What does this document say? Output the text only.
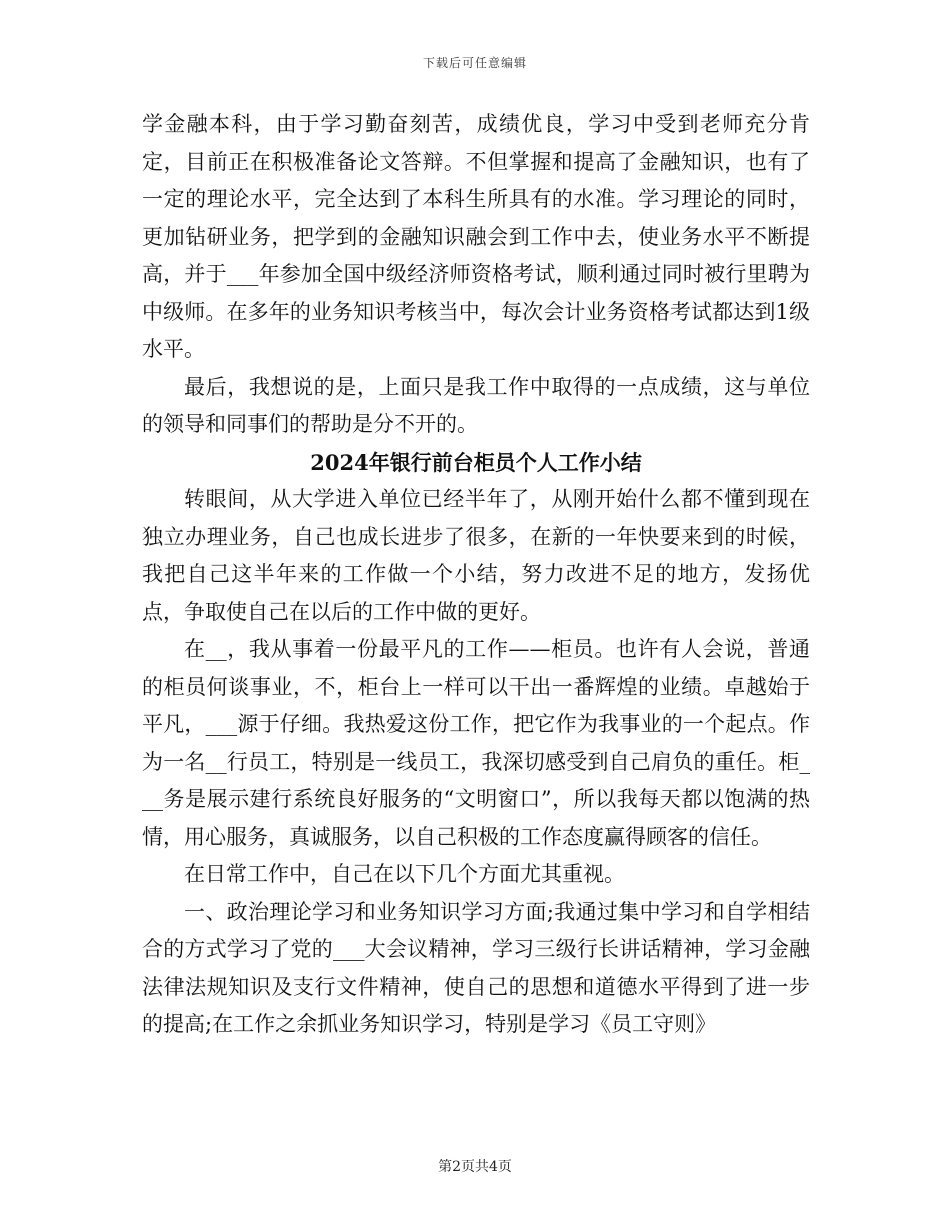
下载后可任意编辑

学金融本科，由于学习勤奋刻苦，成绩优良，学习中受到老师充分肯定，目前正在积极准备论文答辩。不但掌握和提高了金融知识，也有了一定的理论水平，完全达到了本科生所具有的水准。学习理论的同时，更加钻研业务，把学到的金融知识融会到工作中去，使业务水平不断提高，并于___年参加全国中级经济师资格考试，顺利通过同时被行里聘为中级师。在多年的业务知识考核当中，每次会计业务资格考试都达到1级水平。

最后，我想说的是，上面只是我工作中取得的一点成绩，这与单位的领导和同事们的帮助是分不开的。

2024年银行前台柜员个人工作小结

转眼间，从大学进入单位已经半年了，从刚开始什么都不懂到现在独立办理业务，自己也成长进步了很多，在新的一年快要来到的时候，我把自己这半年来的工作做一个小结，努力改进不足的地方，发扬优点，争取使自己在以后的工作中做的更好。

在__，我从事着一份最平凡的工作——柜员。也许有人会说，普通的柜员何谈事业，不，柜台上一样可以干出一番辉煌的业绩。卓越始于平凡，___源于仔细。我热爱这份工作，把它作为我事业的一个起点。作为一名__行员工，特别是一线员工，我深切感受到自己肩负的重任。柜___务是展示建行系统良好服务的“文明窗口”，所以我每天都以饱满的热情，用心服务，真诚服务，以自己积极的工作态度赢得顾客的信任。

在日常工作中，自己在以下几个方面尤其重视。

一、政治理论学习和业务知识学习方面;我通过集中学习和自学相结合的方式学习了党的___大会议精神，学习三级行长讲话精神，学习金融法律法规知识及支行文件精神，使自己的思想和道德水平得到了进一步的提高;在工作之余抓业务知识学习，特别是学习《员工守则》

第2页共4页
